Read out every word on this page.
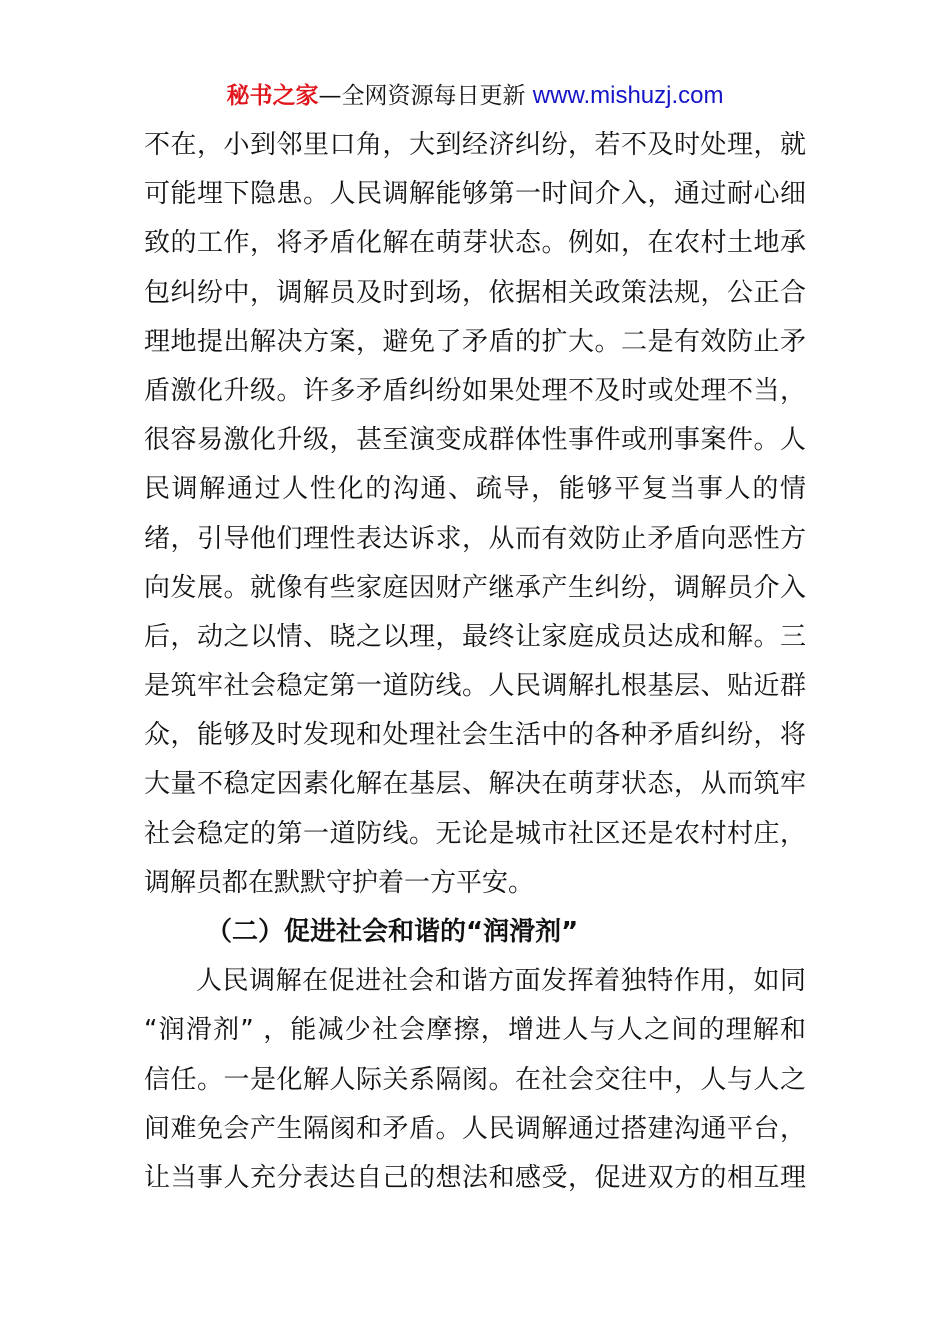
秘书之家—全网资源每日更新 www.mishuzj.com
不在，小到邻里口角，大到经济纠纷，若不及时处理，就
可能埋下隐患。人民调解能够第一时间介入，通过耐心细
致的工作，将矛盾化解在萌芽状态。例如，在农村土地承
包纠纷中，调解员及时到场，依据相关政策法规，公正合
理地提出解决方案，避免了矛盾的扩大。二是有效防止矛
盾激化升级。许多矛盾纠纷如果处理不及时或处理不当，
很容易激化升级，甚至演变成群体性事件或刑事案件。人
民调解通过人性化的沟通、疏导，能够平复当事人的情
绪，引导他们理性表达诉求，从而有效防止矛盾向恶性方
向发展。就像有些家庭因财产继承产生纠纷，调解员介入
后，动之以情、晓之以理，最终让家庭成员达成和解。三
是筑牢社会稳定第一道防线。人民调解扎根基层、贴近群
众，能够及时发现和处理社会生活中的各种矛盾纠纷，将
大量不稳定因素化解在基层、解决在萌芽状态，从而筑牢
社会稳定的第一道防线。无论是城市社区还是农村村庄，
调解员都在默默守护着一方平安。
（二）促进社会和谐的“润滑剂”
人民调解在促进社会和谐方面发挥着独特作用，如同
“润滑剂” ，能减少社会摩擦，增进人与人之间的理解和
信任。一是化解人际关系隔阂。在社会交往中，人与人之
间难免会产生隔阂和矛盾。人民调解通过搭建沟通平台，
让当事人充分表达自己的想法和感受，促进双方的相互理
